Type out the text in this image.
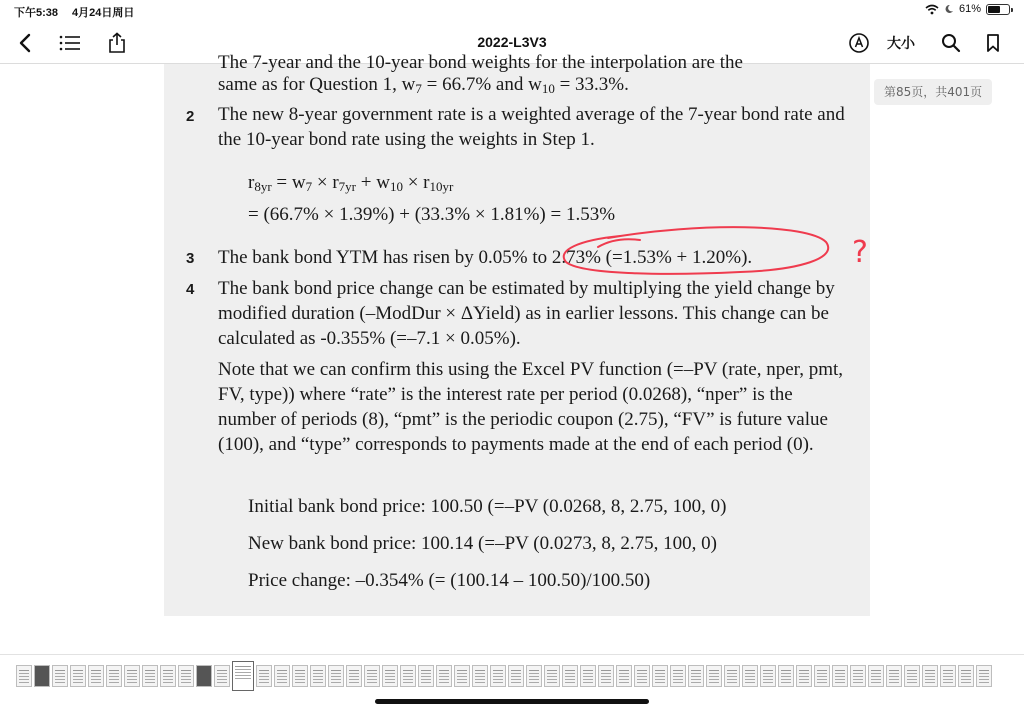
下午5:38 4月24日周日	61%
2022-L3V3	大小
第85页，共401页
The 7-year and the 10-year bond weights for the interpolation are the
same as for Question 1, $w_7 = 66.7\%$ and $w_{10} = 33.3\%$.
2 The new 8-year government rate is a weighted average of the 7-year bond rate and the 10-year bond rate using the weights in Step 1.
$r_{8yr} = w_7 \times r_{7yr} + w_{10} \times r_{10yr}$
= (66.7% × 1.39%) + (33.3% × 1.81%) = 1.53%
3 The bank bond YTM has risen by 0.05% to 2.73% (=1.53% + 1.20%).
4 The bank bond price change can be estimated by multiplying the yield change by modified duration (–ModDur × ΔYield) as in earlier lessons. This change can be calculated as -0.355% (=–7.1 × 0.05%).
Note that we can confirm this using the Excel PV function (=–PV (rate, nper, pmt, FV, type)) where “rate” is the interest rate per period (0.0268), “nper” is the number of periods (8), “pmt” is the periodic coupon (2.75), “FV” is future value (100), and “type” corresponds to payments made at the end of each period (0).
Initial bank bond price: 100.50 (=–PV (0.0268, 8, 2.75, 100, 0)
New bank bond price: 100.14 (=–PV (0.0273, 8, 2.75, 100, 0)
Price change: –0.354% (= (100.14 – 100.50)/100.50)
?
